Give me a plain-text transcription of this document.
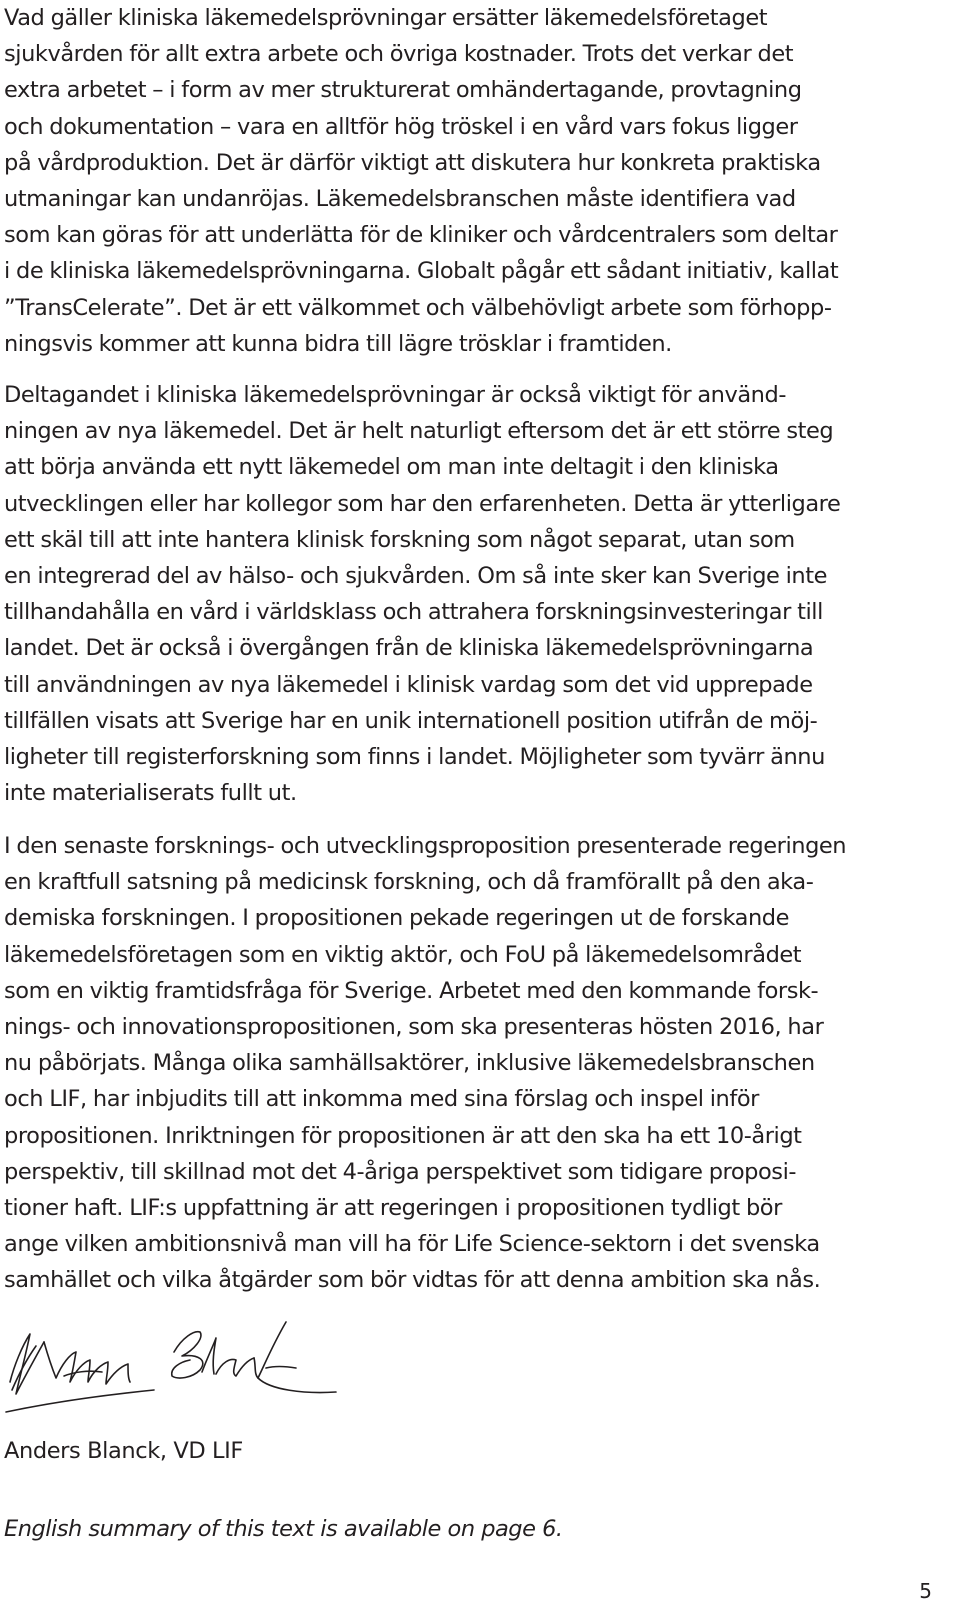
Vad gäller kliniska läkemedelsprövningar ersätter läkemedelsföretaget
sjukvården för allt extra arbete och övriga kostnader. Trots det verkar det
extra arbetet – i form av mer strukturerat omhändertagande, provtagning
och dokumentation – vara en alltför hög tröskel i en vård vars fokus ligger
på vårdproduktion. Det är därför viktigt att diskutera hur konkreta praktiska
utmaningar kan undanröjas. Läkemedelsbranschen måste identifiera vad
som kan göras för att underlätta för de kliniker och vårdcentralers som deltar
i de kliniska läkemedelsprövningarna. Globalt pågår ett sådant initiativ, kallat
”TransCelerate”. Det är ett välkommet och välbehövligt arbete som förhopp-
ningsvis kommer att kunna bidra till lägre trösklar i framtiden.
Deltagandet i kliniska läkemedelsprövningar är också viktigt för använd-
ningen av nya läkemedel. Det är helt naturligt eftersom det är ett större steg
att börja använda ett nytt läkemedel om man inte deltagit i den kliniska
utvecklingen eller har kollegor som har den erfarenheten. Detta är ytterligare
ett skäl till att inte hantera klinisk forskning som något separat, utan som
en integrerad del av hälso- och sjukvården. Om så inte sker kan Sverige inte
tillhandahålla en vård i världsklass och attrahera forskningsinvesteringar till
landet. Det är också i övergången från de kliniska läkemedelsprövningarna
till användningen av nya läkemedel i klinisk vardag som det vid upprepade
tillfällen visats att Sverige har en unik internationell position utifrån de möj-
ligheter till registerforskning som finns i landet. Möjligheter som tyvärr ännu
inte materialiserats fullt ut.
I den senaste forsknings- och utvecklingsproposition presenterade regeringen
en kraftfull satsning på medicinsk forskning, och då framförallt på den aka-
demiska forskningen. I propositionen pekade regeringen ut de forskande
läkemedelsföretagen som en viktig aktör, och FoU på läkemedelsområdet
som en viktig framtidsfråga för Sverige. Arbetet med den kommande forsk-
nings- och innovationspropositionen, som ska presenteras hösten 2016, har
nu påbörjats. Många olika samhällsaktörer, inklusive läkemedelsbranschen
och LIF, har inbjudits till att inkomma med sina förslag och inspel inför
propositionen. Inriktningen för propositionen är att den ska ha ett 10-årigt
perspektiv, till skillnad mot det 4-åriga perspektivet som tidigare proposi-
tioner haft. LIF:s uppfattning är att regeringen i propositionen tydligt bör
ange vilken ambitionsnivå man vill ha för Life Science-sektorn i det svenska
samhället och vilka åtgärder som bör vidtas för att denna ambition ska nås.

Anders Blanck, VD LIF

English summary of this text is available on page 6.

5
